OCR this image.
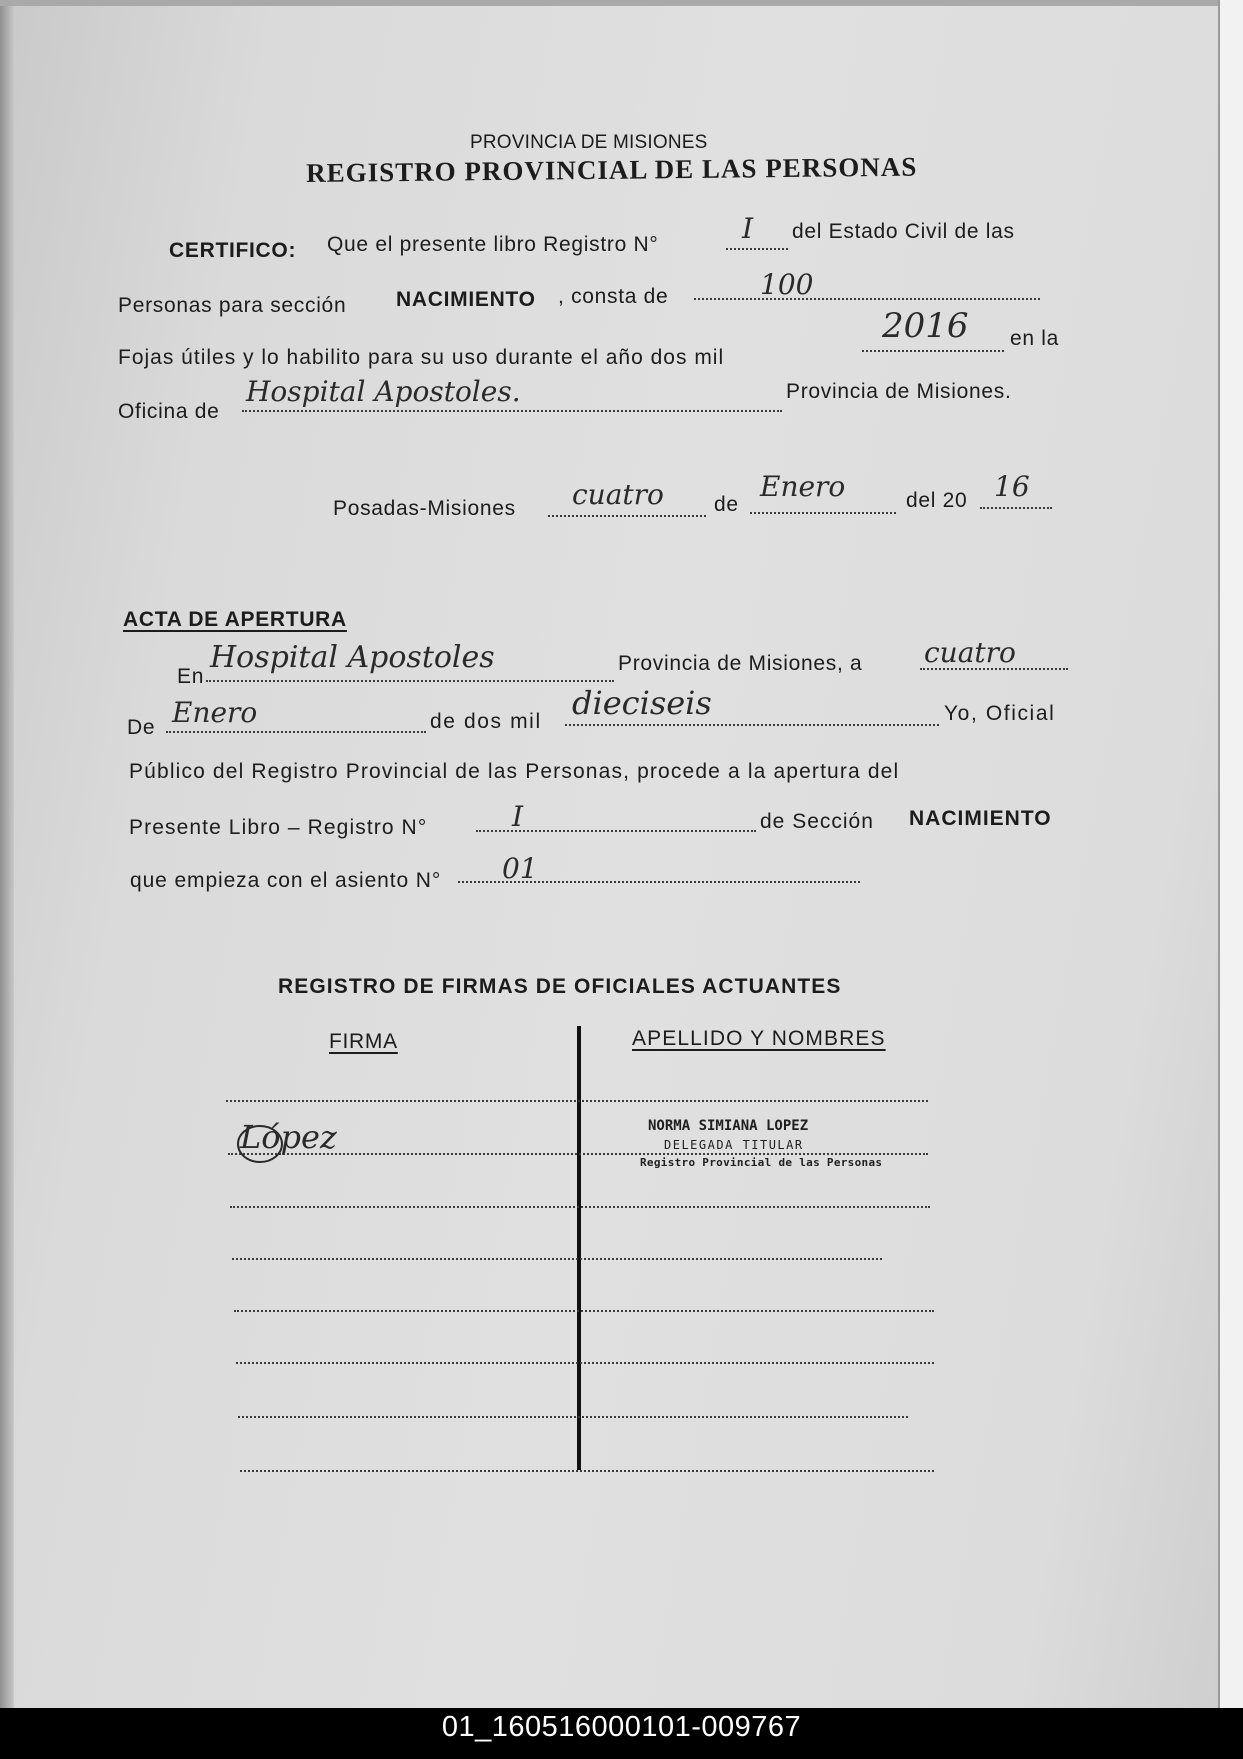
PROVINCIA DE MISIONES
REGISTRO PROVINCIAL DE LAS PERSONAS
CERTIFICO: Que el presente libro Registro N°	I del Estado Civil de las
Personas para sección NACIMIENTO , consta de	100
Fojas útiles y lo habilito para su uso durante el año dos mil
2016 en la
Oficina de
Hospital Apostoles.	Provincia de Misiones.
Posadas-Misiones cuatro de
Enero	del 20 16
ACTA DE APERTURA
En
Hospital Apostoles	Provincia de Misiones, a cuatro
De Enero	de dos mil dieciseis	Yo, Oficial
Público del Registro Provincial de las Personas, procede a la apertura del
Presente Libro – Registro N°	I	de Sección NACIMIENTO
que empieza con el asiento N° 01
REGISTRO DE FIRMAS DE OFICIALES ACTUANTES
FIRMA	APELLIDO Y NOMBRES
López	NORMA SIMIANA LOPEZ
DELEGADA TITULAR
Registro Provincial de las Personas
01_160516000101-009767
